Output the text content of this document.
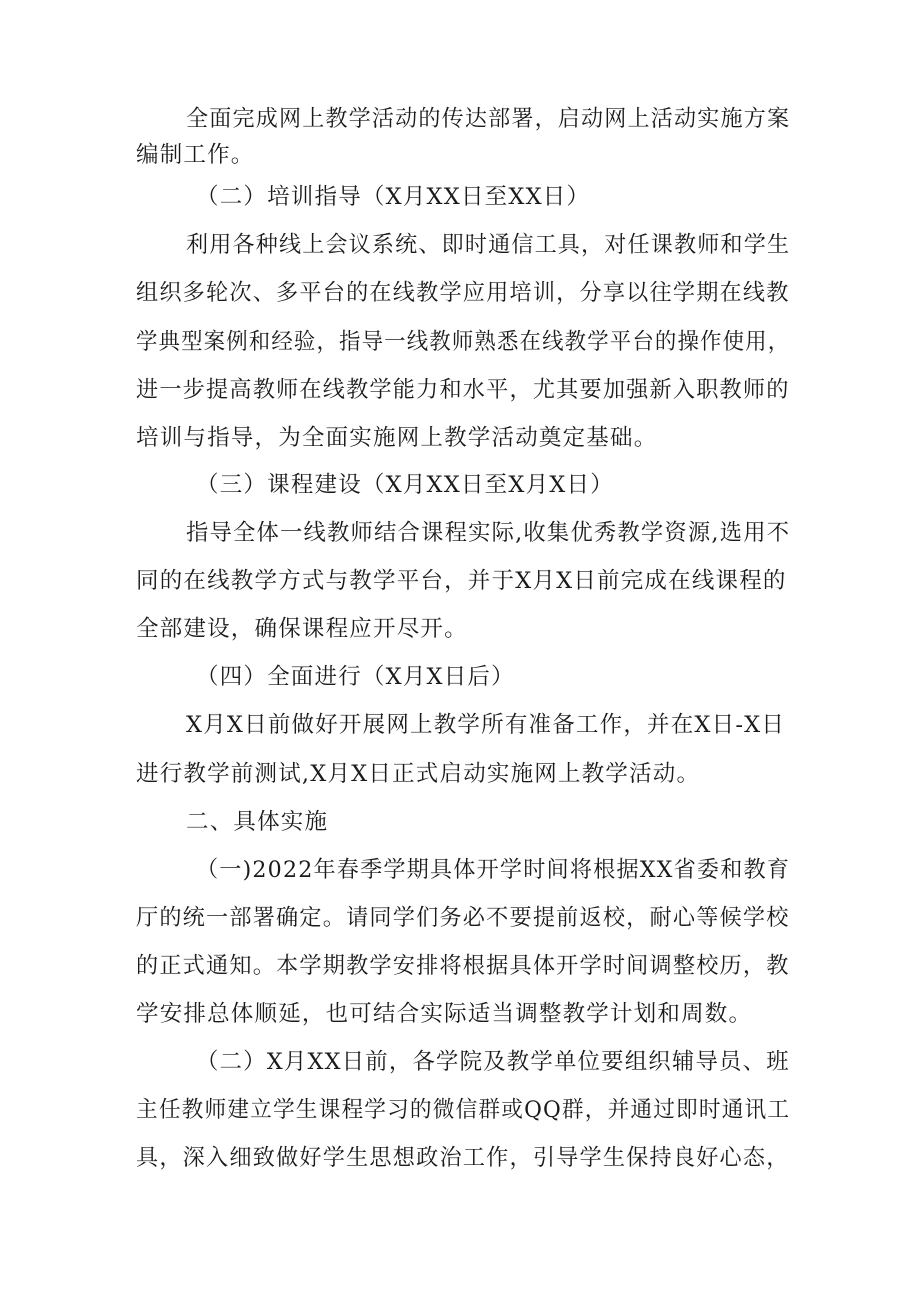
全面完成网上教学活动的传达部署，启动网上活动实施方案
编制工作。
（二）培训指导（X月XX日至XX日）
利用各种线上会议系统、即时通信工具，对任课教师和学生
组织多轮次、多平台的在线教学应用培训，分享以往学期在线教
学典型案例和经验，指导一线教师熟悉在线教学平台的操作使用，
进一步提高教师在线教学能力和水平，尤其要加强新入职教师的
培训与指导，为全面实施网上教学活动奠定基础。
（三）课程建设（X月XX日至X月X日）
指导全体一线教师结合课程实际,收集优秀教学资源,选用不
同的在线教学方式与教学平台，并于X月X日前完成在线课程的
全部建设，确保课程应开尽开。
（四）全面进行（X月X日后）
X月X日前做好开展网上教学所有准备工作，并在X日-X日
进行教学前测试,X月X日正式启动实施网上教学活动。
二、具体实施
（一)2022年春季学期具体开学时间将根据XX省委和教育
厅的统一部署确定。请同学们务必不要提前返校，耐心等候学校
的正式通知。本学期教学安排将根据具体开学时间调整校历，教
学安排总体顺延，也可结合实际适当调整教学计划和周数。
（二）X月XX日前，各学院及教学单位要组织辅导员、班
主任教师建立学生课程学习的微信群或QQ群，并通过即时通讯工
具，深入细致做好学生思想政治工作，引导学生保持良好心态，
